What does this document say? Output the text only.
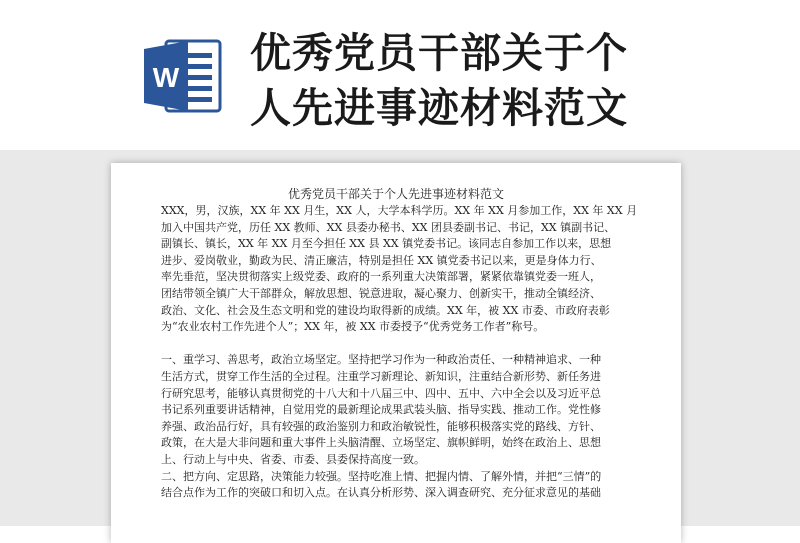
W
优秀党员干部关于个
人先进事迹材料范文
优秀党员干部关于个人先进事迹材料范文
XXX，男，汉族，XX 年 XX 月生，XX 人，大学本科学历。XX 年 XX 月参加工作，XX 年 XX 月
加入中国共产党，历任 XX 教师、XX 县委办秘书、XX 团县委副书记、书记，XX 镇副书记、
副镇长、镇长，XX 年 XX 月至今担任 XX 县 XX 镇党委书记。该同志自参加工作以来，思想
进步、爱岗敬业，勤政为民、清正廉洁，特别是担任 XX 镇党委书记以来，更是身体力行、
率先垂范，坚决贯彻落实上级党委、政府的一系列重大决策部署，紧紧依靠镇党委一班人，
团结带领全镇广大干部群众，解放思想、锐意进取，凝心聚力、创新实干，推动全镇经济、
政治、文化、社会及生态文明和党的建设均取得新的成绩。XX 年，被 XX 市委、市政府表彰
为“农业农村工作先进个人”；XX 年，被 XX 市委授予“优秀党务工作者”称号。
一、重学习、善思考，政治立场坚定。坚持把学习作为一种政治责任、一种精神追求、一种
生活方式，贯穿工作生活的全过程。注重学习新理论、新知识，注重结合新形势、新任务进
行研究思考，能够认真贯彻党的十八大和十八届三中、四中、五中、六中全会以及习近平总
书记系列重要讲话精神，自觉用党的最新理论成果武装头脑、指导实践、推动工作。党性修
养强、政治品行好，具有较强的政治鉴别力和政治敏锐性，能够积极落实党的路线、方针、
政策，在大是大非问题和重大事件上头脑清醒、立场坚定、旗帜鲜明，始终在政治上、思想
上、行动上与中央、省委、市委、县委保持高度一致。
二、把方向、定思路，决策能力较强。坚持吃准上情、把握内情、了解外情，并把“三情”的
结合点作为工作的突破口和切入点。在认真分析形势、深入调查研究、充分征求意见的基础
